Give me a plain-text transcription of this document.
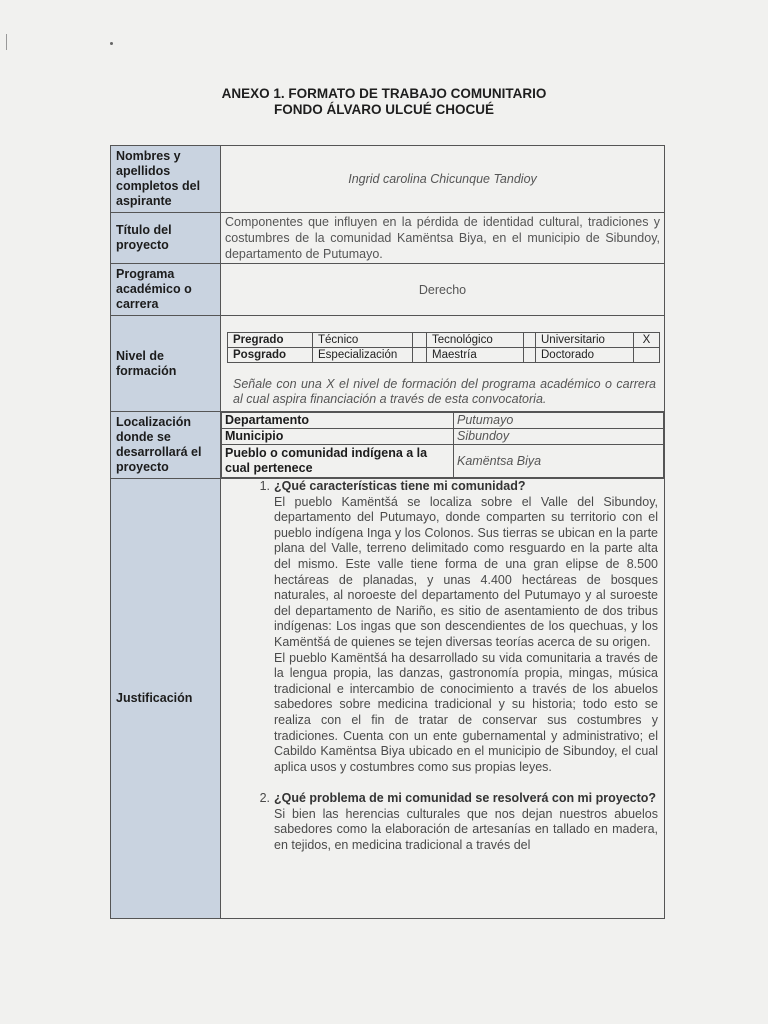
ANEXO 1. FORMATO DE TRABAJO COMUNITARIO
FONDO ÁLVARO ULCUÉ CHOCUÉ
Nombres y apellidos completos del aspirante	Ingrid carolina Chicunque Tandioy
Título del proyecto	Componentes que influyen en la pérdida de identidad cultural, tradiciones y costumbres de la comunidad Kamëntsa Biya, en el municipio de Sibundoy, departamento de Putumayo.
Programa académico o carrera	Derecho
Nivel de formación	
Pregrado	Técnico		Tecnológico		Universitario	X
Posgrado	Especialización		Maestría		Doctorado	
Señale con una X el nivel de formación del programa académico o carrera al cual aspira financiación a través de esta convocatoria.

Localización donde se desarrollará el proyecto	
Departamento	Putumayo
Municipio	Sibundoy
Pueblo o comunidad indígena a la cual pertenece	Kamëntsa Biya

Justificación	
1. ¿Qué características tiene mi comunidad?
El pueblo Kamëntšá se localiza sobre el Valle del Sibundoy, departamento del Putumayo, donde comparten su territorio con el pueblo indígena Inga y los Colonos. Sus tierras se ubican en la parte plana del Valle, terreno delimitado como resguardo en la parte alta del mismo. Este valle tiene forma de una gran elipse de 8.500 hectáreas de planadas, y unas 4.400 hectáreas de bosques naturales, al noroeste del departamento del Putumayo y al suroeste del departamento de Nariño, es sitio de asentamiento de dos tribus indígenas: Los ingas que son descendientes de los quechuas, y los Kamëntšá de quienes se tejen diversas teorías acerca de su origen.
El pueblo Kamëntšá ha desarrollado su vida comunitaria a través de la lengua propia, las danzas, gastronomía propia, mingas, música tradicional e intercambio de conocimiento a través de los abuelos sabedores sobre medicina tradicional y su historia; todo esto se realiza con el fin de tratar de conservar sus costumbres y tradiciones. Cuenta con un ente gubernamental y administrativo; el Cabildo Kamëntsa Biya ubicado en el municipio de Sibundoy, el cual aplica usos y costumbres como sus propias leyes.
2. ¿Qué problema de mi comunidad se resolverá con mi proyecto?
Si bien las herencias culturales que nos dejan nuestros abuelos sabedores como la elaboración de artesanías en tallado en madera, en tejidos, en medicina tradicional a través del
